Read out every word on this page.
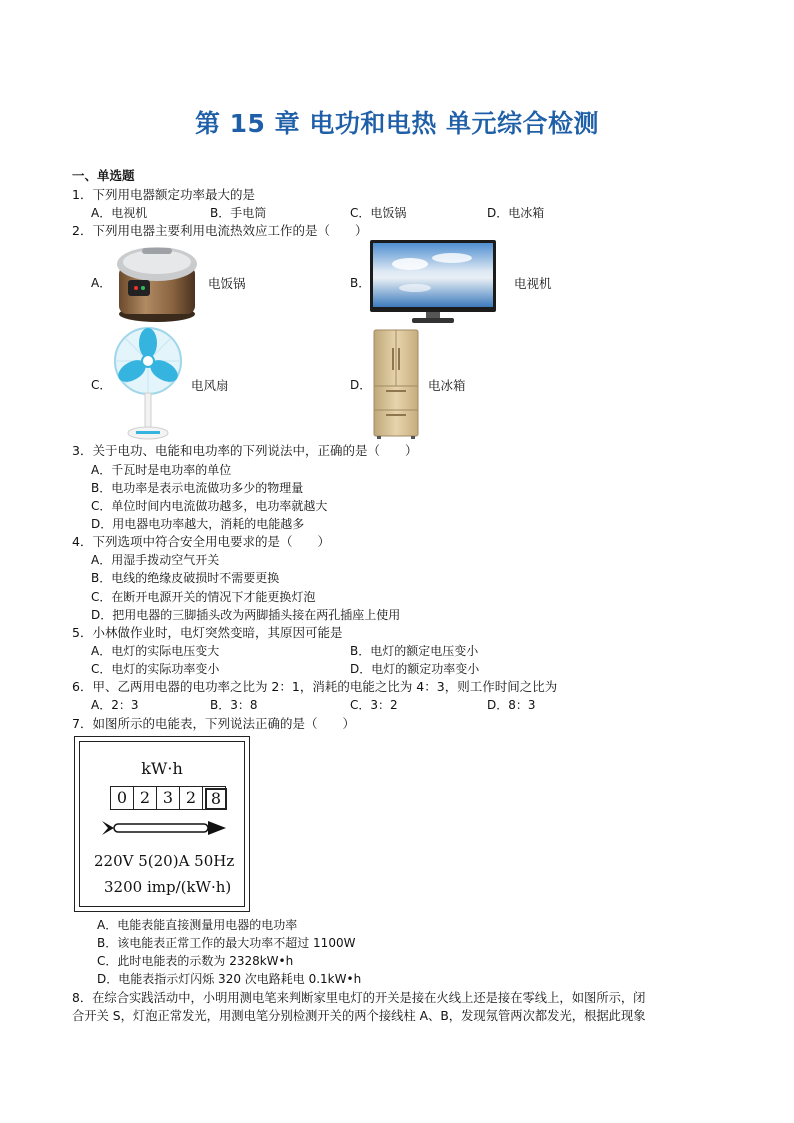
第 15 章 电功和电热 单元综合检测
一、单选题
1．下列用电器额定功率最大的是
A．电视机	B．手电筒	C．电饭锅	D．电冰箱
2．下列用电器主要利用电流热效应工作的是（　　）
A．	电饭锅	B．	电视机
C．	电风扇	D．	电冰箱
3．关于电功、电能和电功率的下列说法中，正确的是（　　）
A．千瓦时是电功率的单位
B．电功率是表示电流做功多少的物理量
C．单位时间内电流做功越多，电功率就越大
D．用电器电功率越大，消耗的电能越多
4．下列选项中符合安全用电要求的是（　　）
A．用湿手拨动空气开关
B．电线的绝缘皮破损时不需要更换
C．在断开电源开关的情况下才能更换灯泡
D．把用电器的三脚插头改为两脚插头接在两孔插座上使用
5．小林做作业时，电灯突然变暗，其原因可能是
A．电灯的实际电压变大	B．电灯的额定电压变小
C．电灯的实际功率变小	D．电灯的额定功率变小
6．甲、乙两用电器的电功率之比为 2：1，消耗的电能之比为 4：3，则工作时间之比为
A．2：3	B．3：8	C．3：2	D．8：3
7．如图所示的电能表，下列说法正确的是（　　）
kW·h
0 2 3 2 8
220V 5(20)A 50Hz
3200 imp/(kW·h)
A．电能表能直接测量用电器的电功率
B．该电能表正常工作的最大功率不超过 1100W
C．此时电能表的示数为 2328kW•h
D．电能表指示灯闪烁 320 次电路耗电 0.1kW•h
8．在综合实践活动中，小明用测电笔来判断家里电灯的开关是接在火线上还是接在零线上，如图所示，闭
合开关 S，灯泡正常发光，用测电笔分别检测开关的两个接线柱 A、B，发现氖管两次都发光，根据此现象
